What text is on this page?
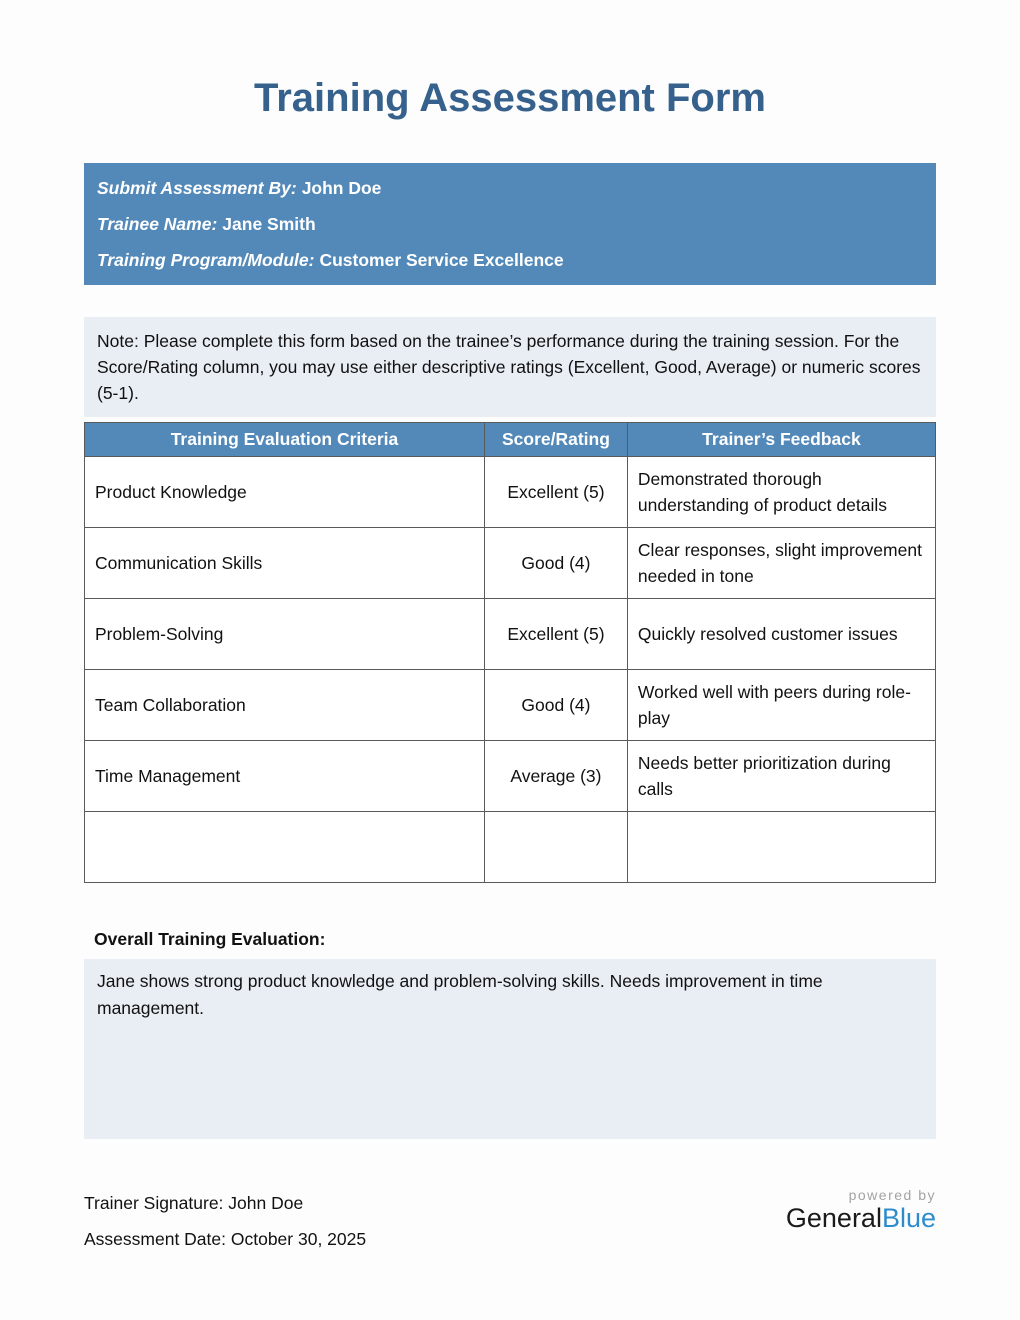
Training Assessment Form
Submit Assessment By: John Doe
Trainee Name: Jane Smith
Training Program/Module: Customer Service Excellence
Note: Please complete this form based on the trainee’s performance during the training session. For the Score/Rating column, you may use either descriptive ratings (Excellent, Good, Average) or numeric scores (5-1).
Training Evaluation Criteria	Score/Rating	Trainer’s Feedback
Product Knowledge	Excellent (5)	Demonstrated thorough understanding of product details
Communication Skills	Good (4)	Clear responses, slight improvement needed in tone
Problem-Solving	Excellent (5)	Quickly resolved customer issues
Team Collaboration	Good (4)	Worked well with peers during role-play
Time Management	Average (3)	Needs better prioritization during calls

Overall Training Evaluation:
Jane shows strong product knowledge and problem-solving skills. Needs improvement in time management.
Trainer Signature: John Doe
Assessment Date: October 30, 2025
powered by
GeneralBlue
